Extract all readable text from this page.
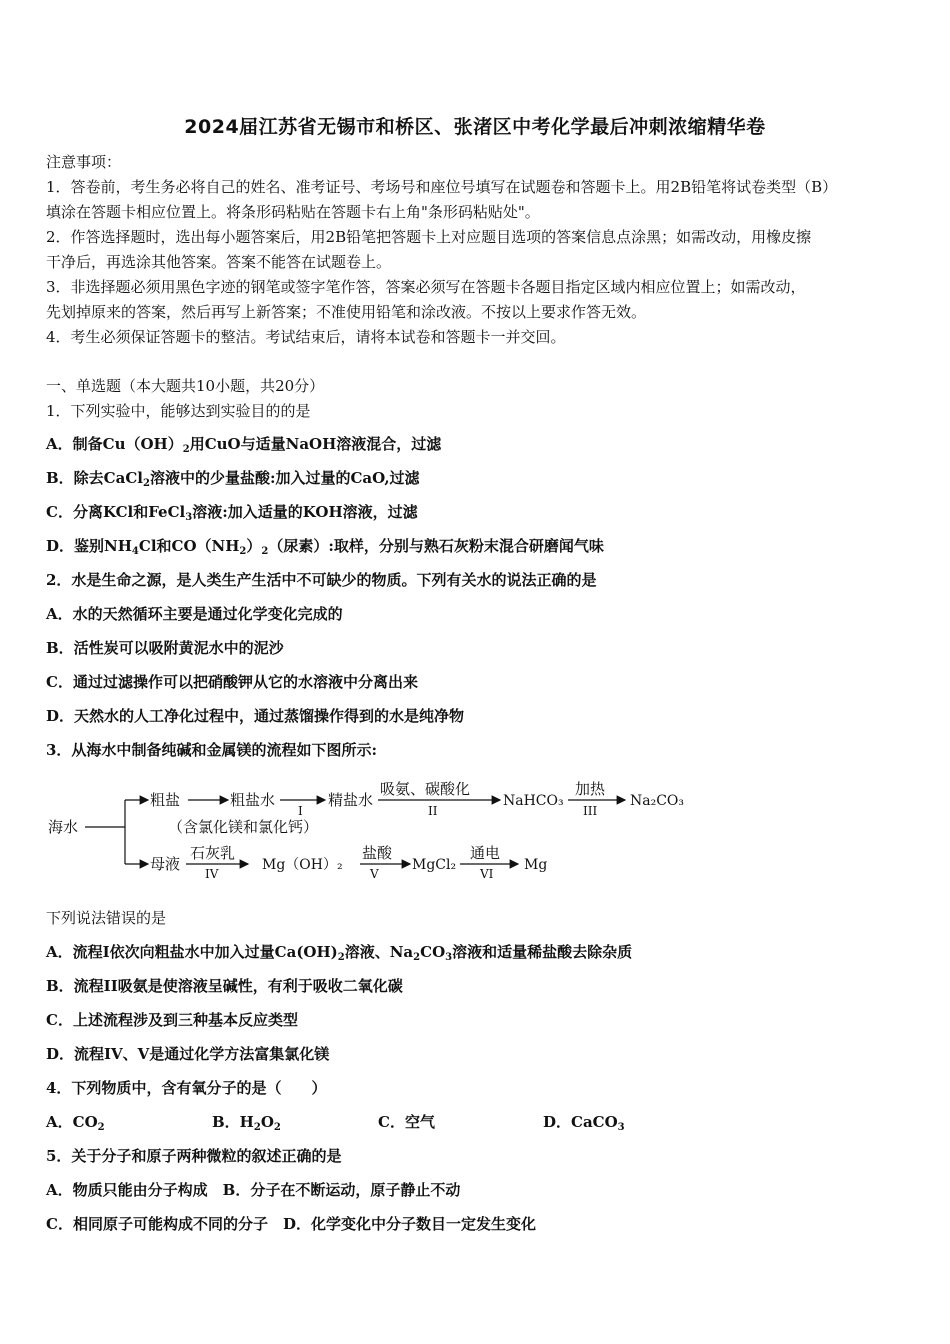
2024届江苏省无锡市和桥区、张渚区中考化学最后冲刺浓缩精华卷
注意事项：
1．答卷前，考生务必将自己的姓名、准考证号、考场号和座位号填写在试题卷和答题卡上。用2B铅笔将试卷类型（B）
填涂在答题卡相应位置上。将条形码粘贴在答题卡右上角"条形码粘贴处"。
2．作答选择题时，选出每小题答案后，用2B铅笔把答题卡上对应题目选项的答案信息点涂黑；如需改动，用橡皮擦
干净后，再选涂其他答案。答案不能答在试题卷上。
3．非选择题必须用黑色字迹的钢笔或签字笔作答，答案必须写在答题卡各题目指定区域内相应位置上；如需改动，
先划掉原来的答案，然后再写上新答案；不准使用铅笔和涂改液。不按以上要求作答无效。
4．考生必须保证答题卡的整洁。考试结束后，请将本试卷和答题卡一并交回。
一、单选题（本大题共10小题，共20分）
1．下列实验中，能够达到实验目的的是
A．制备$Cu(OH)_2$用CuO与适量NaOH溶液混合，过滤
B．除去CaCl$_2$溶液中的少量盐酸:加入过量的CaO,过滤
C．分离KCl和FeCl$_3$溶液:加入适量的KOH溶液，过滤
D．鉴别$NH_4Cl$和$CO(NH_2)_2$（尿素）:取样，分别与熟石灰粉末混合研磨闻气味
2．水是生命之源，是人类生产生活中不可缺少的物质。下列有关水的说法正确的是
A．水的天然循环主要是通过化学变化完成的
B．活性炭可以吸附黄泥水中的泥沙
C．通过过滤操作可以把硝酸钾从它的水溶液中分离出来
D．天然水的人工净化过程中，通过蒸馏操作得到的水是纯净物
3．从海水中制备纯碱和金属镁的流程如下图所示:
海水
粗盐	粗盐水
（含氯化镁和氯化钙）
I
精盐水
吸氨、碳酸化
II
NaHCO₃
加热
III
Na₂CO₃
母液
石灰乳
IV
Mg（OH）₂
盐酸
V
MgCl₂
通电
VI
Mg
下列说法错误的是
A．流程I依次向粗盐水中加入过量$Ca(OH)_2$溶液、$Na_2CO_3$溶液和适量稀盐酸去除杂质
B．流程II吸氨是使溶液呈碱性，有利于吸收二氧化碳
C．上述流程涉及到三种基本反应类型
D．流程IV、V是通过化学方法富集氯化镁
4．下列物质中，含有氧分子的是（　　）
A．$CO_2$	B．$H_2O_2$	C．空气	D．CaCO$_3$
5．关于分子和原子两种微粒的叙述正确的是
A．物质只能由分子构成　B．分子在不断运动，原子静止不动
C．相同原子可能构成不同的分子　D．化学变化中分子数目一定发生变化
